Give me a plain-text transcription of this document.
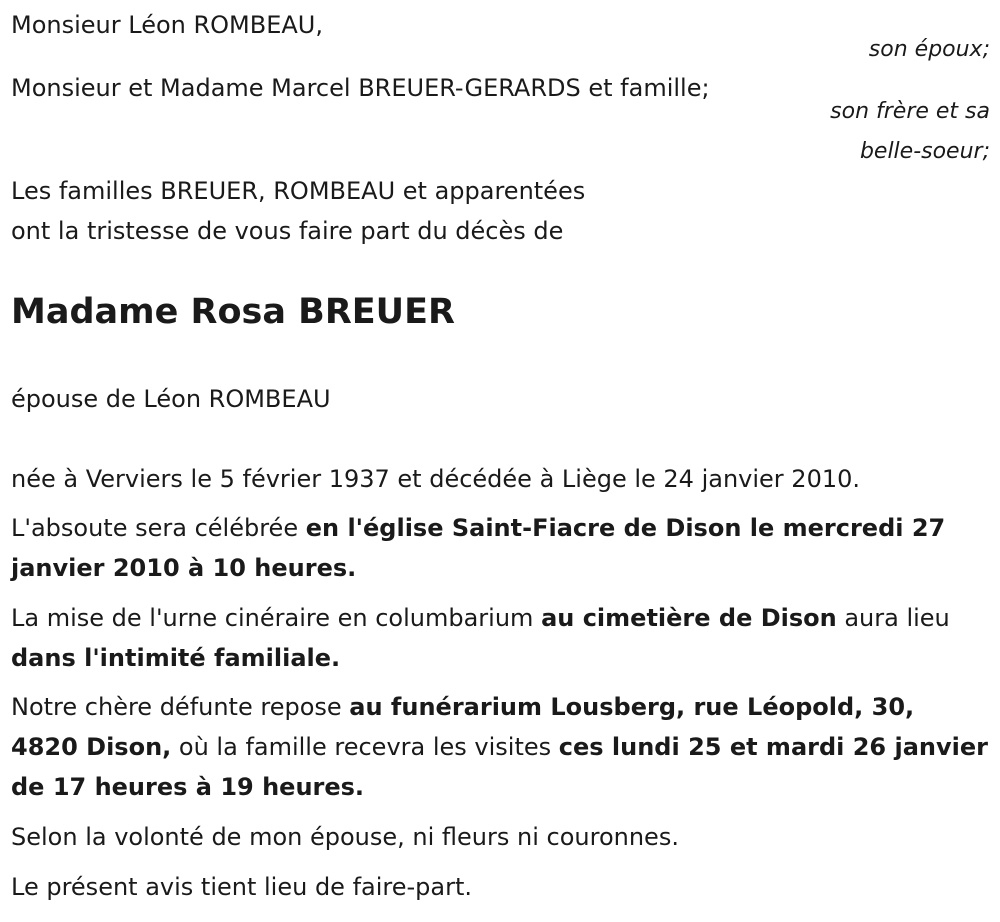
Monsieur Léon ROMBEAU,
son époux;
Monsieur et Madame Marcel BREUER-GERARDS et famille;
son frère et sa
belle-soeur;
Les familles BREUER, ROMBEAU et apparentées
ont la tristesse de vous faire part du décès de
Madame Rosa BREUER
épouse de Léon ROMBEAU
née à Verviers le 5 février 1937 et décédée à Liège le 24 janvier 2010.
L'absoute sera célébrée en l'église Saint-Fiacre de Dison le mercredi 27 janvier 2010 à 10 heures.
La mise de l'urne cinéraire en columbarium au cimetière de Dison aura lieu dans l'intimité familiale.
Notre chère défunte repose au funérarium Lousberg, rue Léopold, 30, 4820 Dison, où la famille recevra les visites ces lundi 25 et mardi 26 janvier de 17 heures à 19 heures.
Selon la volonté de mon épouse, ni fleurs ni couronnes.
Le présent avis tient lieu de faire-part.
